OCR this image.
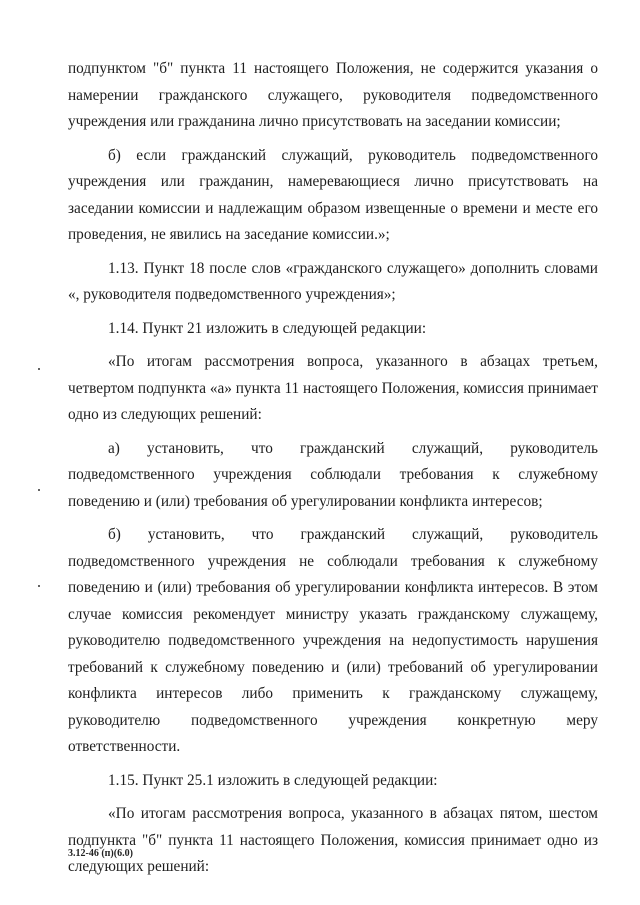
подпунктом "б" пункта 11 настоящего Положения, не содержится указания о намерении гражданского служащего, руководителя подведомственного учреждения или гражданина лично присутствовать на заседании комиссии;

б) если гражданский служащий, руководитель подведомственного учреждения или гражданин, намеревающиеся лично присутствовать на заседании комиссии и надлежащим образом извещенные о времени и месте его проведения, не явились на заседание комиссии.»;

1.13. Пункт 18 после слов «гражданского служащего» дополнить словами «, руководителя подведомственного учреждения»;

1.14. Пункт 21 изложить в следующей редакции:

«По итогам рассмотрения вопроса, указанного в абзацах третьем, четвертом подпункта «а» пункта 11 настоящего Положения, комиссия принимает одно из следующих решений:

а) установить, что гражданский служащий, руководитель подведомственного учреждения соблюдали требования к служебному поведению и (или) требования об урегулировании конфликта интересов;

б) установить, что гражданский служащий, руководитель подведомственного учреждения не соблюдали требования к служебному поведению и (или) требования об урегулировании конфликта интересов. В этом случае комиссия рекомендует министру указать гражданскому служащему, руководителю подведомственного учреждения на недопустимость нарушения требований к служебному поведению и (или) требований об урегулировании конфликта интересов либо применить к гражданскому служащему, руководителю подведомственного учреждения конкретную меру ответственности.

1.15. Пункт 25.1 изложить в следующей редакции:

«По итогам рассмотрения вопроса, указанного в абзацах пятом, шестом подпункта "б" пункта 11 настоящего Положения, комиссия принимает одно из следующих решений:

3.12-46 (п)(6.0)
